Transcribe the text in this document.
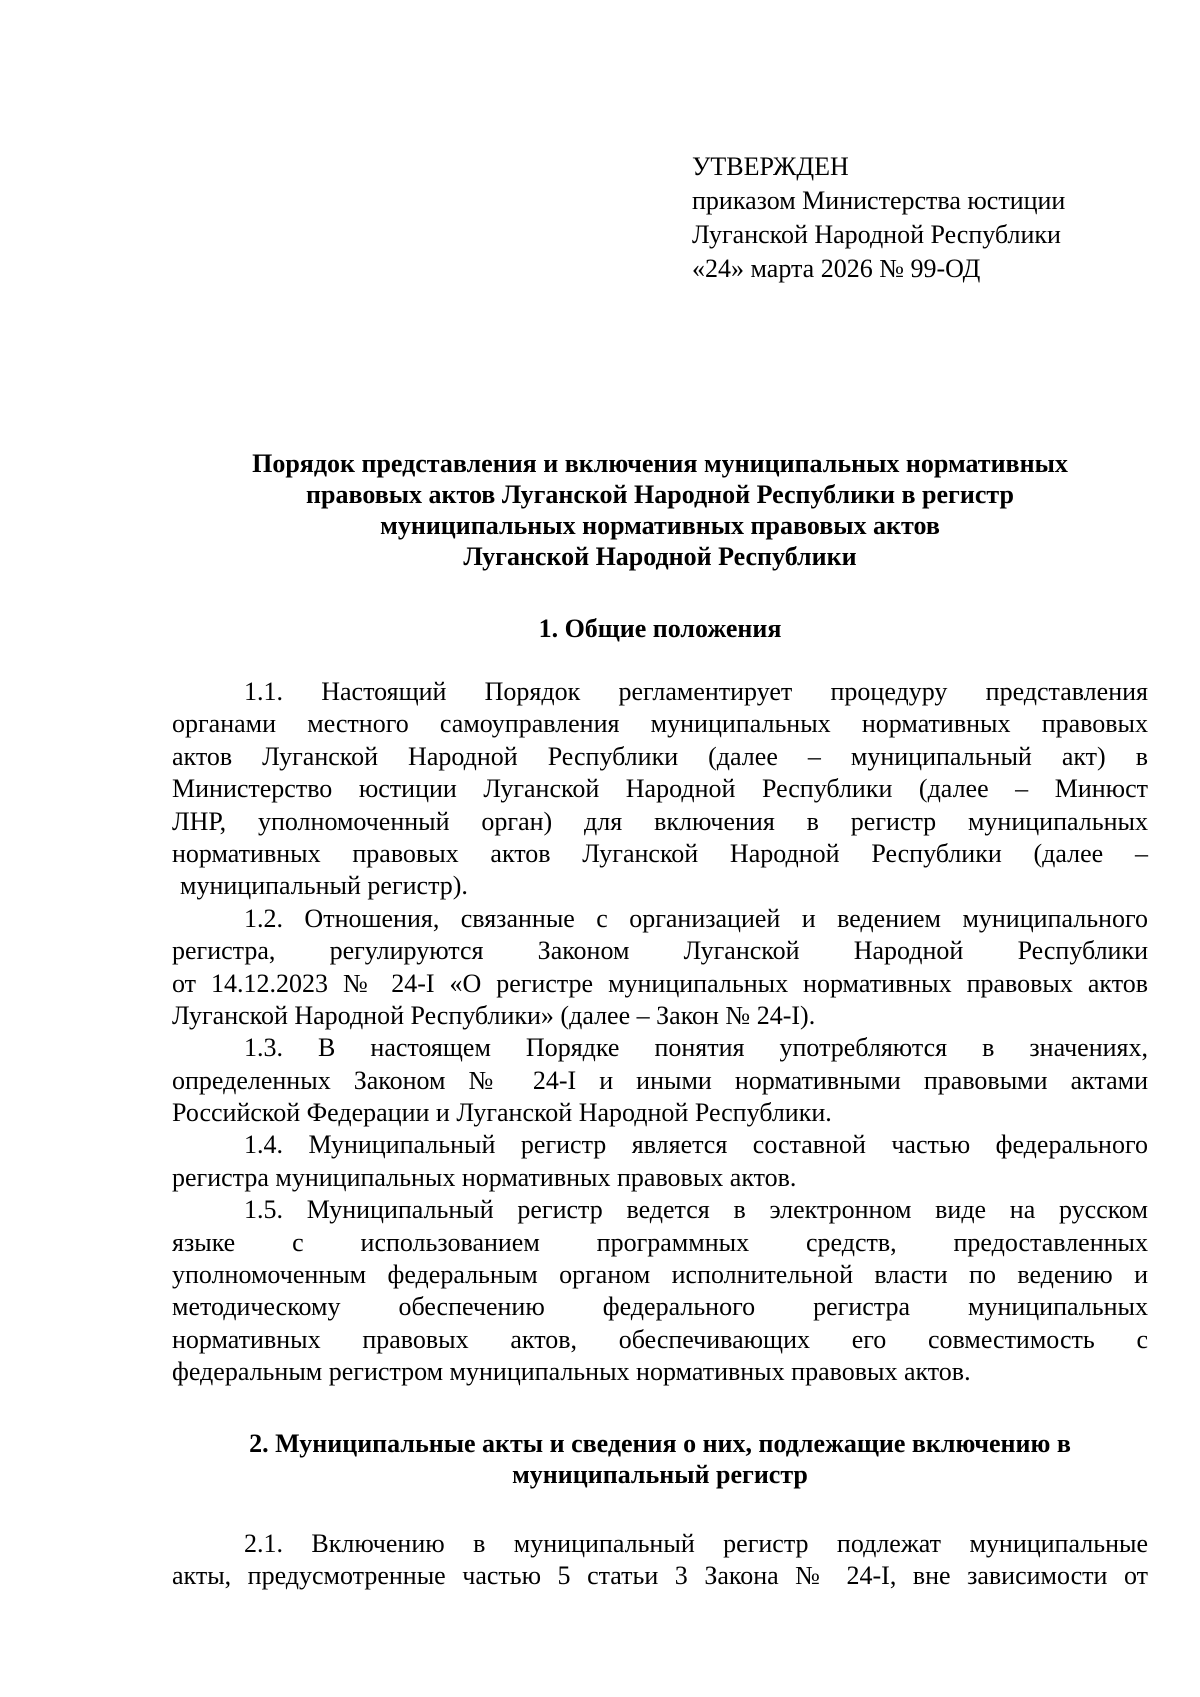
УТВЕРЖДЕН
приказом Министерства юстиции
Луганской Народной Республики
«24» марта 2026 № 99-ОД
Порядок представления и включения муниципальных нормативных
правовых актов Луганской Народной Республики в регистр
муниципальных нормативных правовых актов
Луганской Народной Республики
1. Общие положения
1.1. Настоящий Порядок регламентирует процедуру представления
органами местного самоуправления муниципальных нормативных правовых
актов Луганской Народной Республики (далее – муниципальный акт) в
Министерство юстиции Луганской Народной Республики (далее – Минюст
ЛНР, уполномоченный орган) для включения в регистр муниципальных
нормативных правовых актов Луганской Народной Республики (далее –
муниципальный регистр).
1.2. Отношения, связанные с организацией и ведением муниципального
регистра, регулируются Законом Луганской Народной Республики
от 14.12.2023 № 24-I «О регистре муниципальных нормативных правовых актов
Луганской Народной Республики» (далее – Закон № 24-I).
1.3. В настоящем Порядке понятия употребляются в значениях,
определенных Законом № 24-I и иными нормативными правовыми актами
Российской Федерации и Луганской Народной Республики.
1.4. Муниципальный регистр является составной частью федерального
регистра муниципальных нормативных правовых актов.
1.5. Муниципальный регистр ведется в электронном виде на русском
языке с использованием программных средств, предоставленных
уполномоченным федеральным органом исполнительной власти по ведению и
методическому обеспечению федерального регистра муниципальных
нормативных правовых актов, обеспечивающих его совместимость с
федеральным регистром муниципальных нормативных правовых актов.
2. Муниципальные акты и сведения о них, подлежащие включению в
муниципальный регистр
2.1. Включению в муниципальный регистр подлежат муниципальные
акты, предусмотренные частью 5 статьи 3 Закона № 24-I, вне зависимости от
